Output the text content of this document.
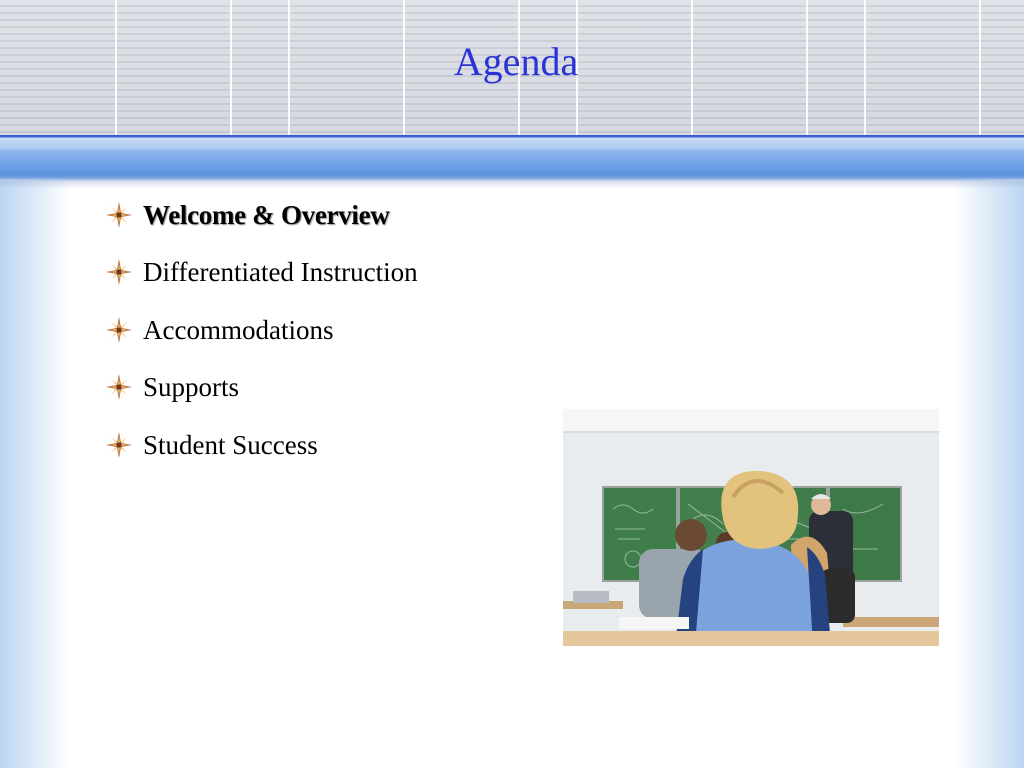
Agenda
Welcome & Overview
Differentiated Instruction
Accommodations
Supports
Student Success
